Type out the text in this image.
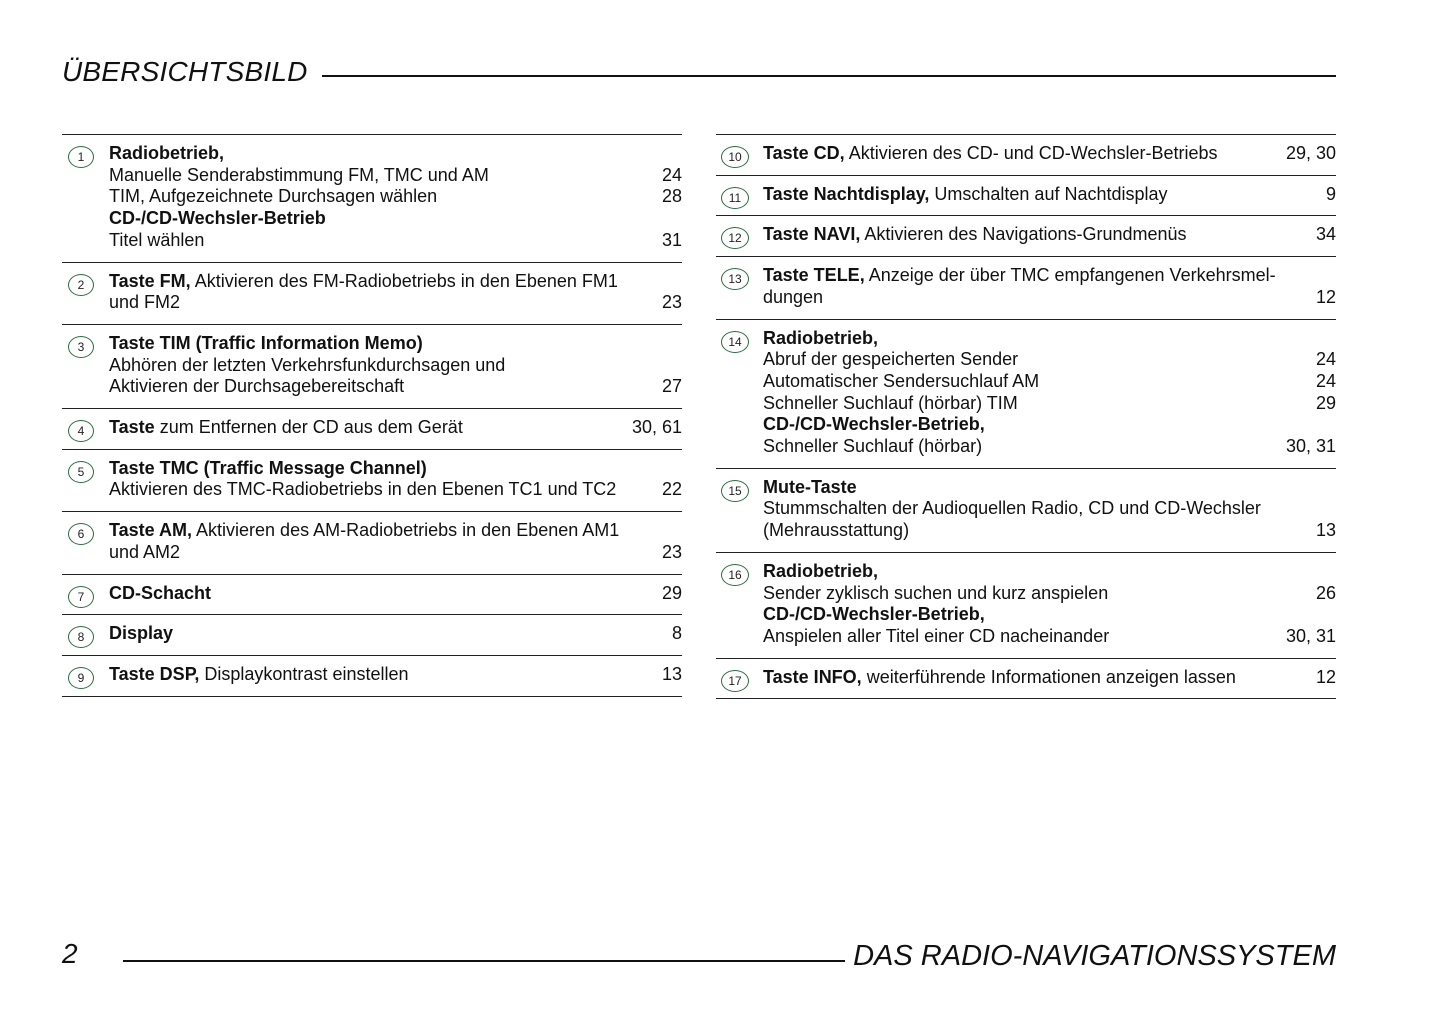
ÜBERSICHTSBILD
1	Radiobetrieb,
Manuelle Senderabstimmung FM, TMC und AM	24
TIM, Aufgezeichnete Durchsagen wählen	28
CD-/CD-Wechsler-Betrieb
Titel wählen	31
2	Taste FM, Aktivieren des FM-Radiobetriebs in den Ebenen FM1
und FM2	23
3	Taste TIM (Traffic Information Memo)
Abhören der letzten Verkehrsfunkdurchsagen und
Aktivieren der Durchsagebereitschaft	27
4	Taste zum Entfernen der CD aus dem Gerät	30, 61
5	Taste TMC (Traffic Message Channel)
Aktivieren des TMC-Radiobetriebs in den Ebenen TC1 und TC2	22
6	Taste AM, Aktivieren des AM-Radiobetriebs in den Ebenen AM1
und AM2	23
7	CD-Schacht	29
8	Display	8
9	Taste DSP, Displaykontrast einstellen	13
10	Taste CD, Aktivieren des CD- und CD-Wechsler-Betriebs	29, 30
11	Taste Nachtdisplay, Umschalten auf Nachtdisplay	9
12	Taste NAVI, Aktivieren des Navigations-Grundmenüs	34
13	Taste TELE, Anzeige der über TMC empfangenen Verkehrsmel-
dungen	12
14	Radiobetrieb,
Abruf der gespeicherten Sender	24
Automatischer Sendersuchlauf AM	24
Schneller Suchlauf (hörbar) TIM	29
CD-/CD-Wechsler-Betrieb,
Schneller Suchlauf (hörbar)	30, 31
15	Mute-Taste
Stummschalten der Audioquellen Radio, CD und CD-Wechsler
(Mehrausstattung)	13
16	Radiobetrieb,
Sender zyklisch suchen und kurz anspielen	26
CD-/CD-Wechsler-Betrieb,
Anspielen aller Titel einer CD nacheinander	30, 31
17	Taste INFO, weiterführende Informationen anzeigen lassen	12
2	DAS RADIO-NAVIGATIONSSYSTEM
